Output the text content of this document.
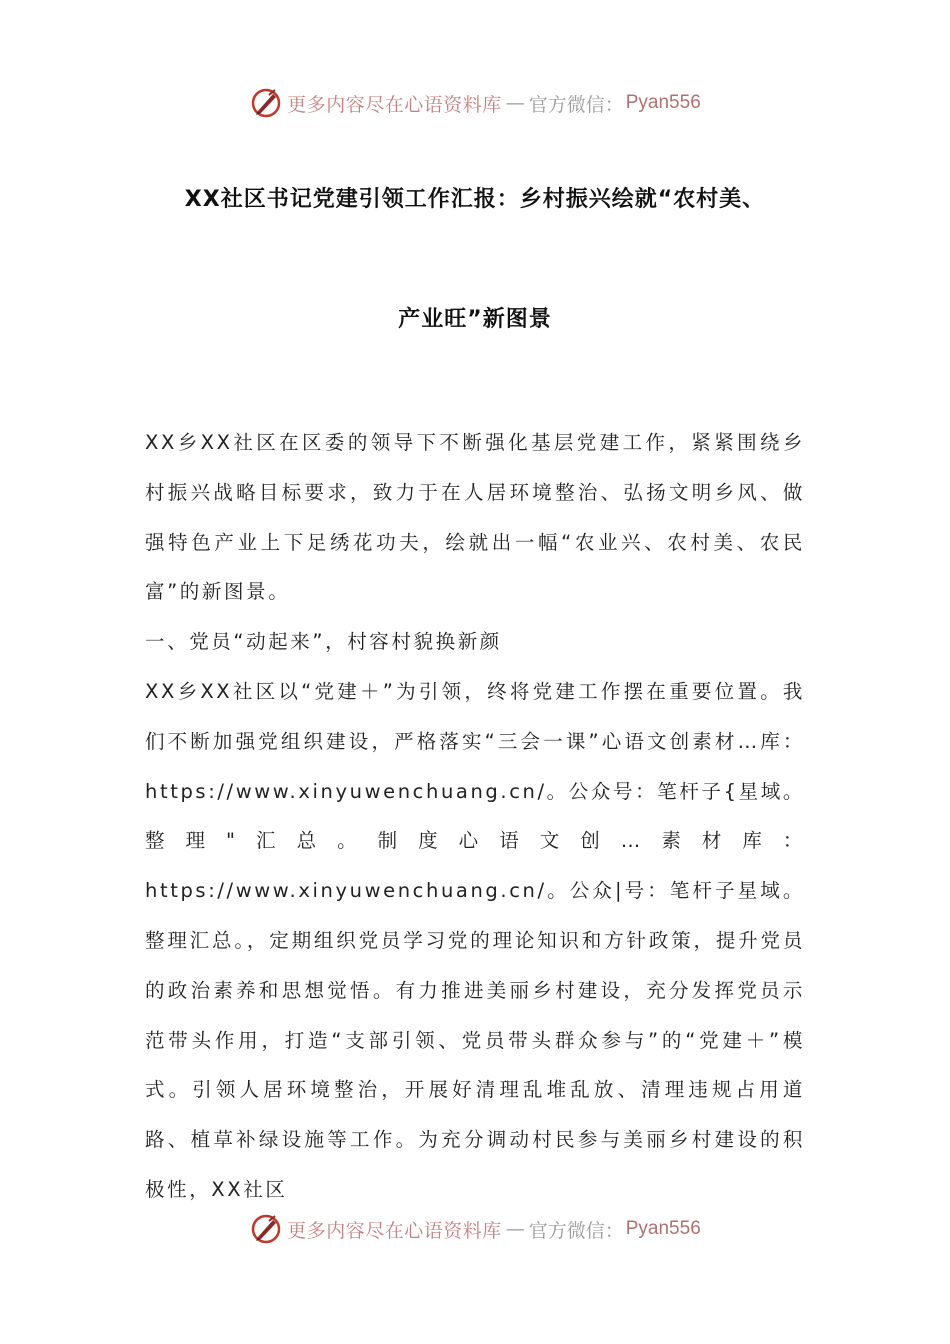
更多内容尽在心语资料库 — 官方微信： Pyan556
XX社区书记党建引领工作汇报：乡村振兴绘就“农村美、
产业旺”新图景

XX乡XX社区在区委的领导下不断强化基层党建工作，紧紧围绕乡村振兴战略目标要求，致力于在人居环境整治、弘扬文明乡风、做强特色产业上下足绣花功夫，绘就出一幅“农业兴、农村美、农民富”的新图景。

一、党员“动起来”，村容村貌换新颜

XX乡XX社区以“党建＋”为引领，终将党建工作摆在重要位置。我们不断加强党组织建设，严格落实“三会一课”心语文创素材…库：https://www.xinyuwenchuang.cn/。公众号：笔杆子{星域。整理"汇总。制度心语文创…素材库：https://www.xinyuwenchuang.cn/。公众|号：笔杆子星域。整理汇总。，定期组织党员学习党的理论知识和方针政策，提升党员的政治素养和思想觉悟。有力推进美丽乡村建设，充分发挥党员示范带头作用，打造“支部引领、党员带头群众参与”的“党建＋”模式。引领人居环境整治，开展好清理乱堆乱放、清理违规占用道路、植草补绿设施等工作。为充分调动村民参与美丽乡村建设的积极性，XX社区

更多内容尽在心语资料库 — 官方微信： Pyan556
